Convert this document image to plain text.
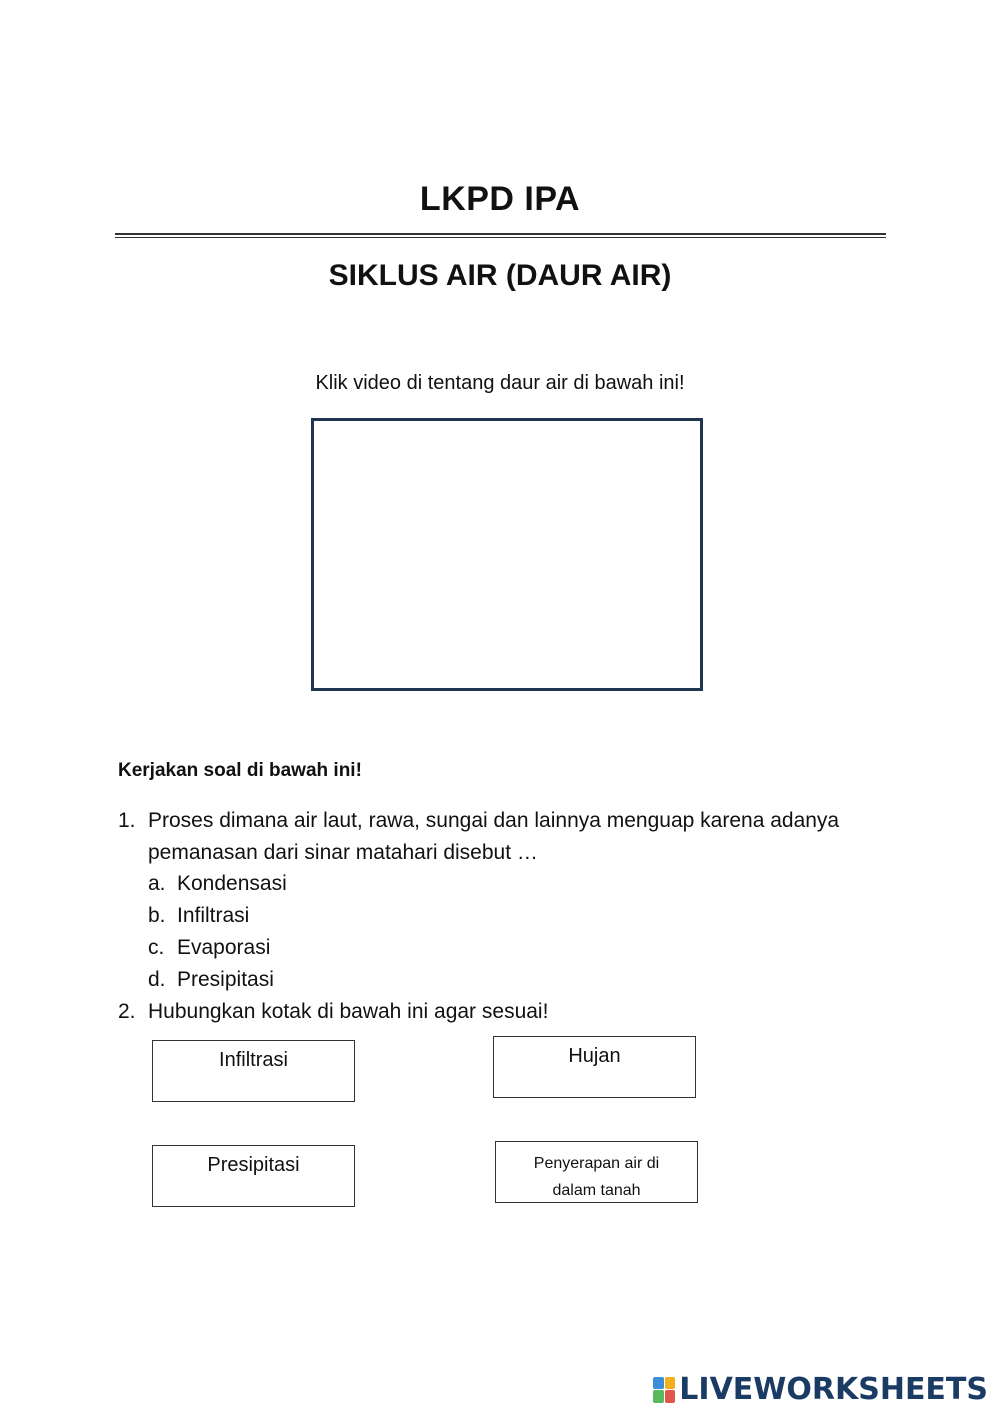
LKPD IPA
SIKLUS AIR (DAUR AIR)
Klik video di tentang daur air di bawah ini!
Kerjakan soal di bawah ini!
1. Proses dimana air laut, rawa, sungai dan lainnya menguap karena adanya
pemanasan dari sinar matahari disebut …
a. Kondensasi
b. Infiltrasi
c. Evaporasi
d. Presipitasi
2. Hubungkan kotak di bawah ini agar sesuai!
Infiltrasi
Presipitasi
Hujan
Penyerapan air di
dalam tanah
LIVEWORKSHEETS
